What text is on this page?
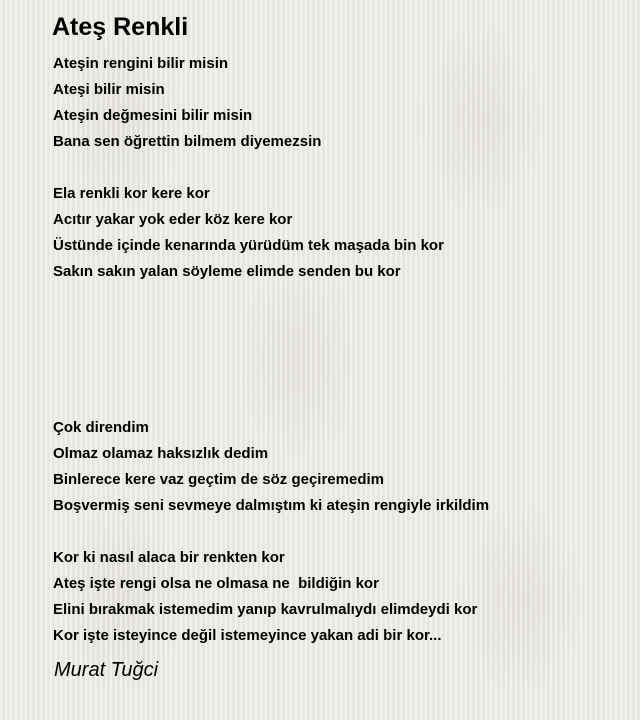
Ateş Renkli
Ateşin rengini bilir misin
Ateşi bilir misin
Ateşin değmesini bilir misin
Bana sen öğrettin bilmem diyemezsin
Ela renkli kor kere kor
Acıtır yakar yok eder köz kere kor
Üstünde içinde kenarında yürüdüm tek maşada bin kor
Sakın sakın yalan söyleme elimde senden bu kor
Çok direndim
Olmaz olamaz haksızlık dedim
Binlerece kere vaz geçtim de söz geçiremedim
Boşvermiş seni sevmeye dalmıştım ki ateşin rengiyle irkildim
Kor ki nasıl alaca bir renkten kor
Ateş işte rengi olsa ne olmasa ne  bildiğin kor
Elini bırakmak istemedim yanıp kavrulmalıydı elimdeydi kor
Kor işte isteyince değil istemeyince yakan adi bir kor...
Murat Tuğci
